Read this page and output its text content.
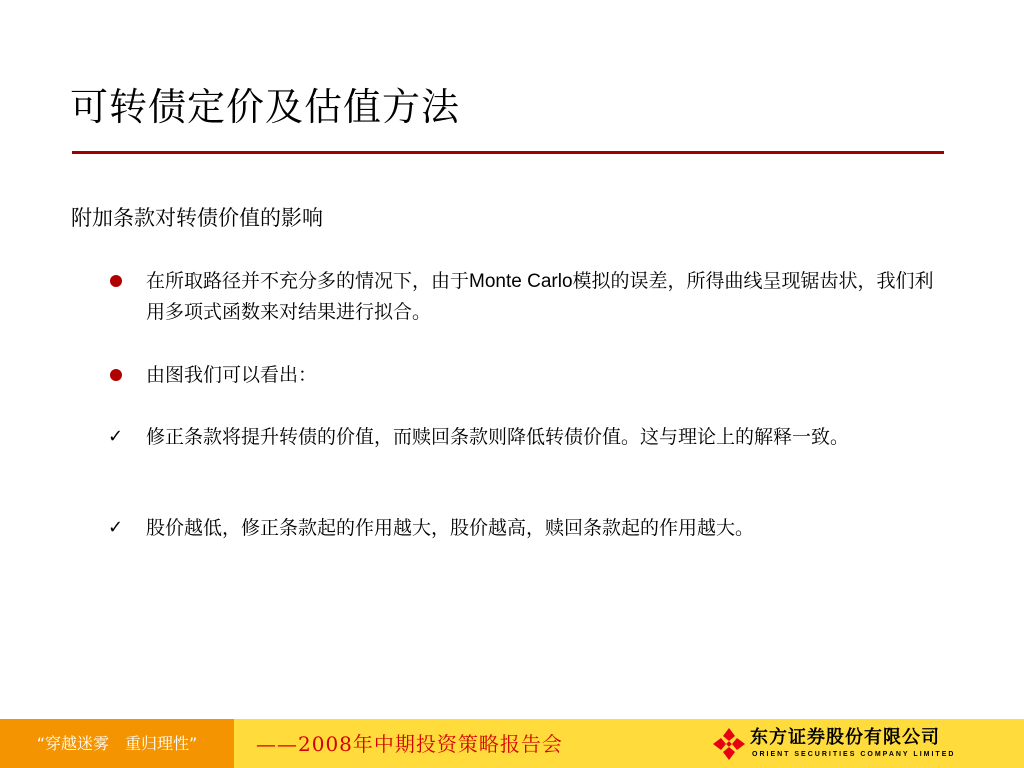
可转债定价及估值方法
附加条款对转债价值的影响
在所取路径并不充分多的情况下，由于Monte Carlo模拟的误差，所得曲线呈现锯齿状，我们利用多项式函数来对结果进行拟合。
由图我们可以看出：
✓ 修正条款将提升转债的价值，而赎回条款则降低转债价值。这与理论上的解释一致。
✓ 股价越低，修正条款起的作用越大，股价越高，赎回条款起的作用越大。
“穿越迷雾　重归理性”	——2008年中期投资策略报告会	东方证券股份有限公司
ORIENT SECURITIES COMPANY LIMITED
